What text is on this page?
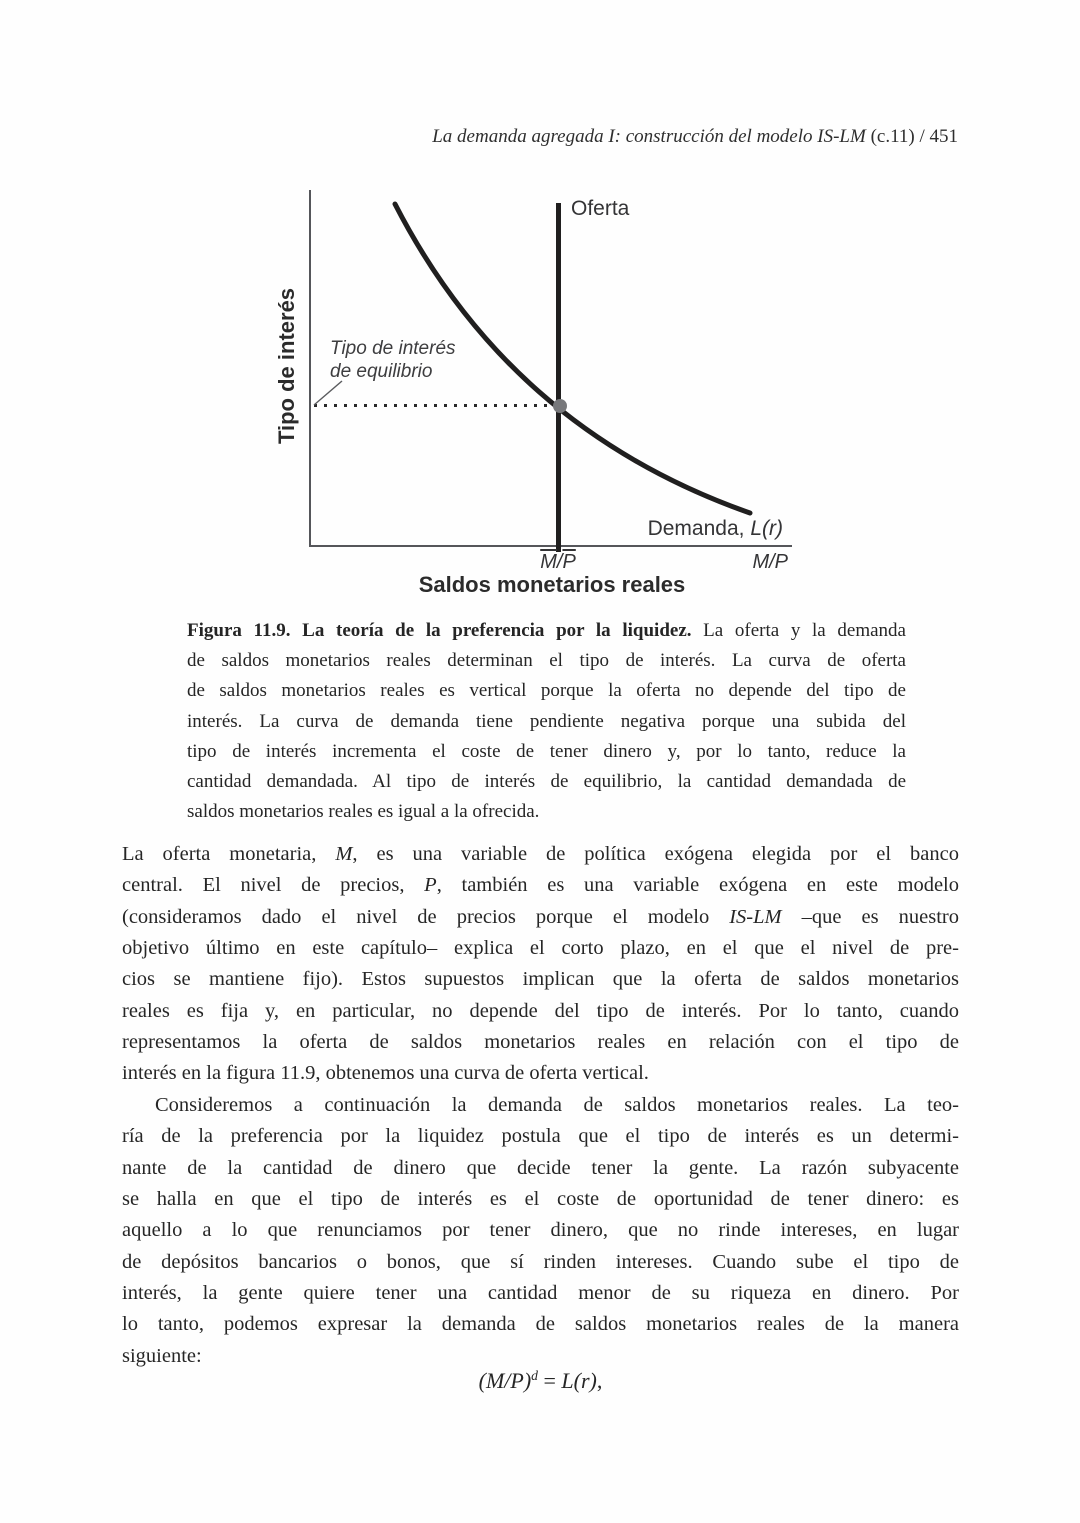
La demanda agregada I: construcción del modelo IS-LM (c.11) / 451
Oferta
Demanda, L(r)
Tipo de interés
de equilibrio
$\overline{M}/\overline{P}$	M/P
Saldos monetarios reales
Tipo de interés
Figura 11.9. La teoría de la preferencia por la liquidez. La oferta y la demanda
de saldos monetarios reales determinan el tipo de interés. La curva de oferta
de saldos monetarios reales es vertical porque la oferta no depende del tipo de
interés. La curva de demanda tiene pendiente negativa porque una subida del
tipo de interés incrementa el coste de tener dinero y, por lo tanto, reduce la
cantidad demandada. Al tipo de interés de equilibrio, la cantidad demandada de
saldos monetarios reales es igual a la ofrecida.
La oferta monetaria, M, es una variable de política exógena elegida por el banco
central. El nivel de precios, P, también es una variable exógena en este modelo
(consideramos dado el nivel de precios porque el modelo IS-LM –que es nuestro
objetivo último en este capítulo– explica el corto plazo, en el que el nivel de pre-
cios se mantiene fijo). Estos supuestos implican que la oferta de saldos monetarios
reales es fija y, en particular, no depende del tipo de interés. Por lo tanto, cuando
representamos la oferta de saldos monetarios reales en relación con el tipo de
interés en la figura 11.9, obtenemos una curva de oferta vertical.
Consideremos a continuación la demanda de saldos monetarios reales. La teo-
ría de la preferencia por la liquidez postula que el tipo de interés es un determi-
nante de la cantidad de dinero que decide tener la gente. La razón subyacente
se halla en que el tipo de interés es el coste de oportunidad de tener dinero: es
aquello a lo que renunciamos por tener dinero, que no rinde intereses, en lugar
de depósitos bancarios o bonos, que sí rinden intereses. Cuando sube el tipo de
interés, la gente quiere tener una cantidad menor de su riqueza en dinero. Por
lo tanto, podemos expresar la demanda de saldos monetarios reales de la manera
siguiente:
$(M/P)^d = L(r)$,
